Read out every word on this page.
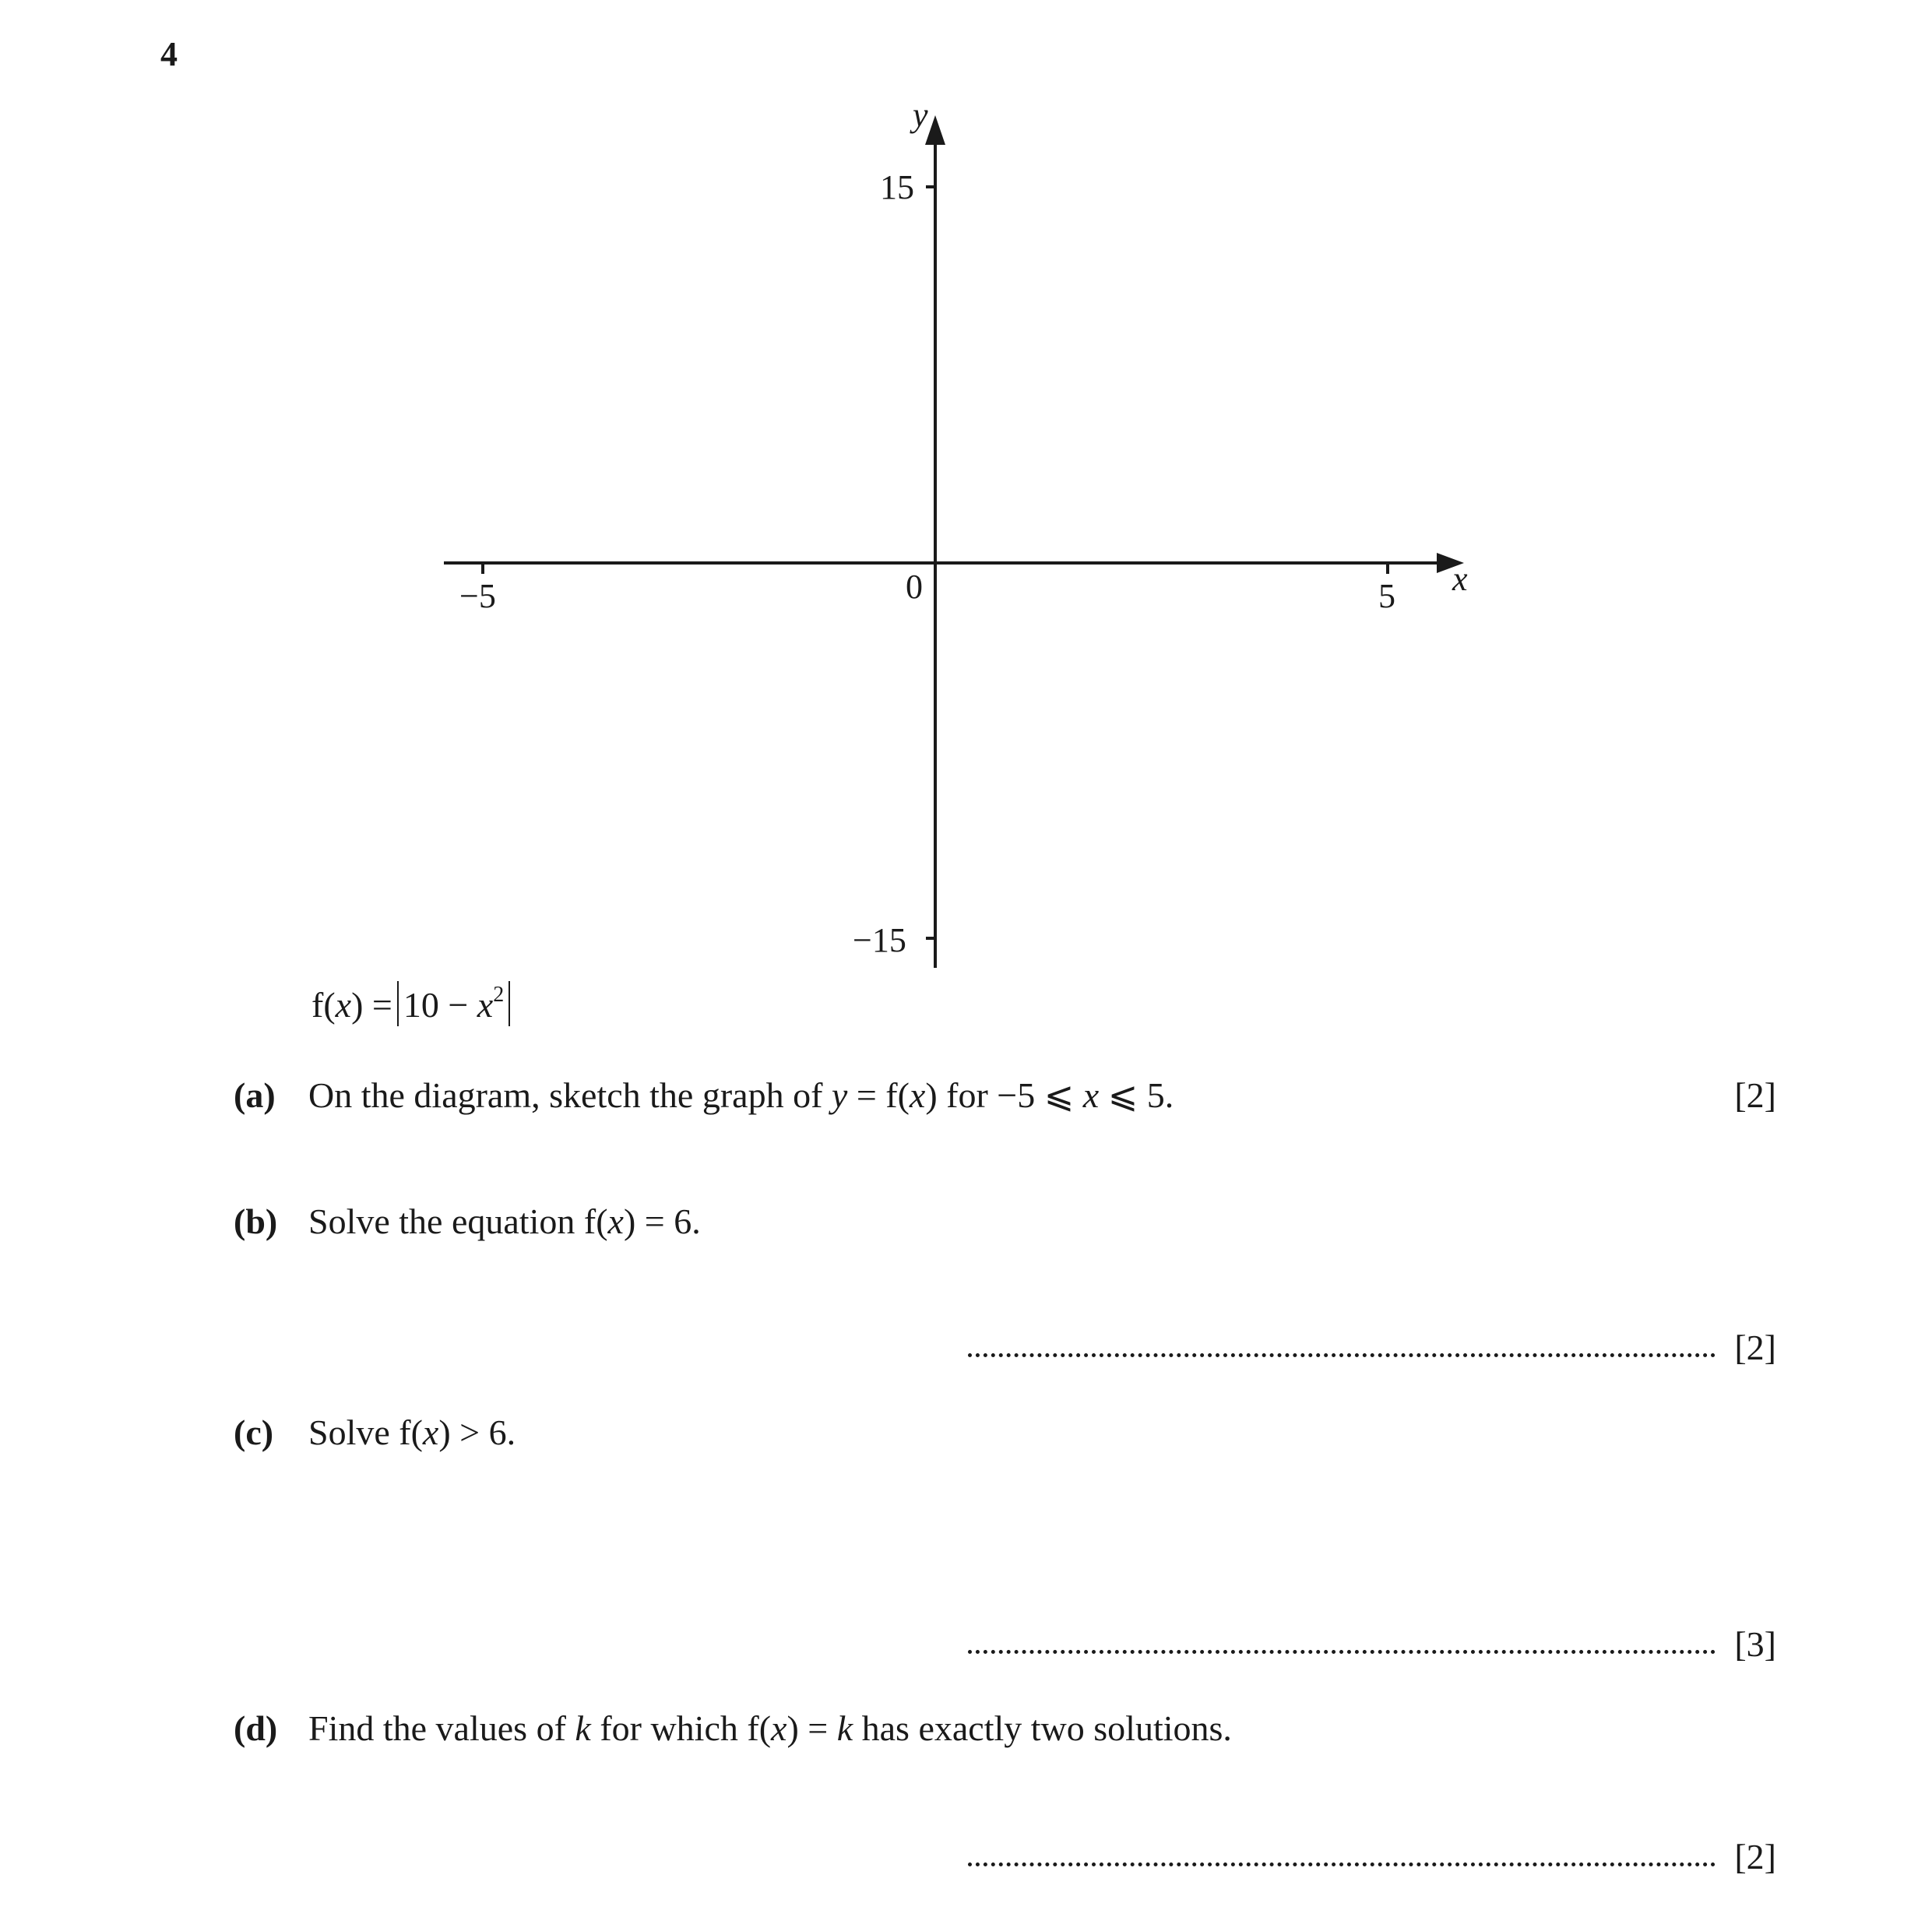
4
−5	5
15
−15
0	x
y
$f(x) = 10 - x^2$
(a) On the diagram, sketch the graph of y = f(x) for −5 ⩽ x ⩽ 5.	[2]
(b) Solve the equation f(x) = 6.
[2]
(c) Solve f(x) > 6.
[3]
(d) Find the values of k for which f(x) = k has exactly two solutions.
[2]
